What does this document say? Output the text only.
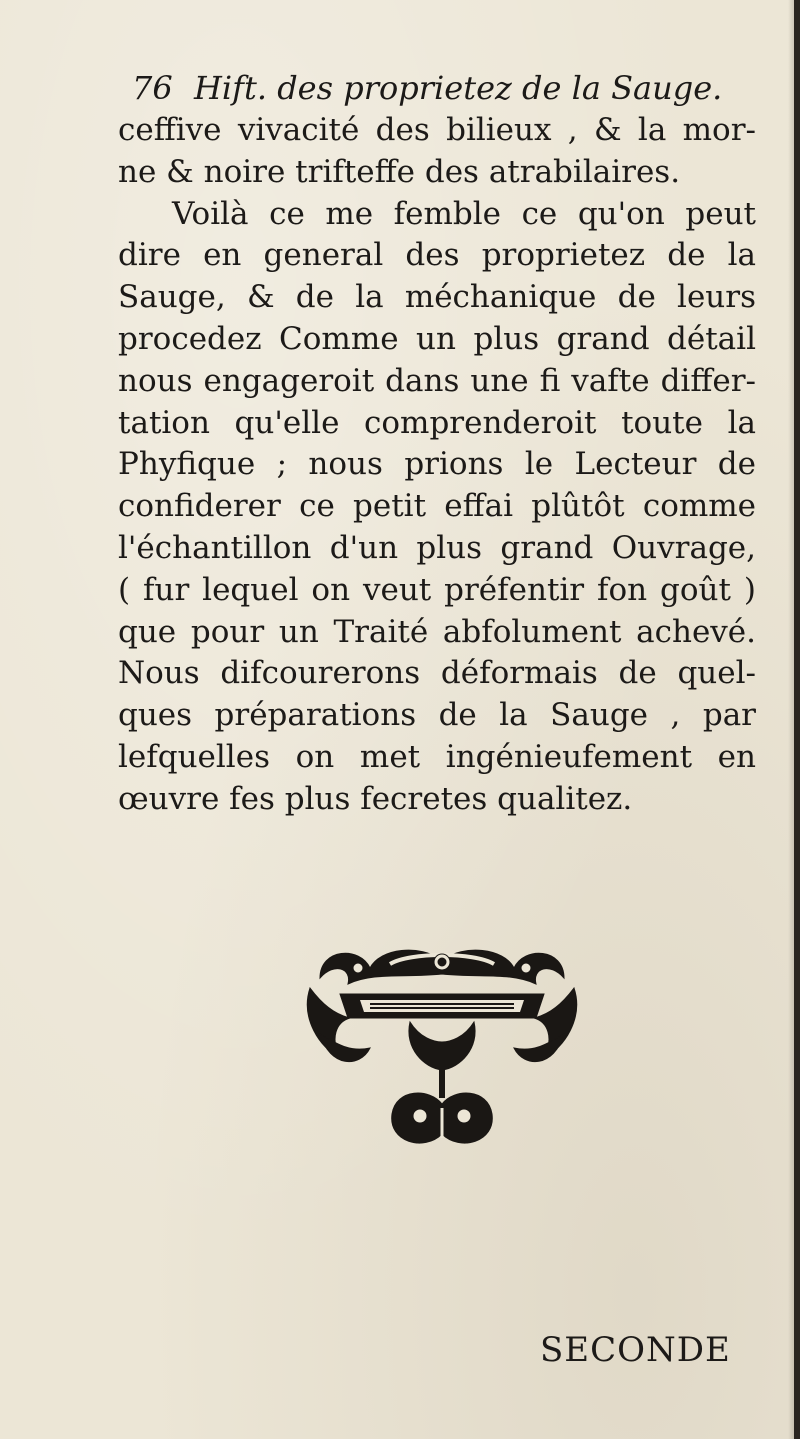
76 Hift. des proprietez de la Sauge.
ceffive vivacité des bilieux , & la mor-
ne & noire trifteffe des atrabilaires.
Voilà ce me femble ce qu'on peut
dire en general des proprietez de la
Sauge, & de la méchanique de leurs
procedez Comme un plus grand détail
nous engageroit dans une fi vafte differ-
tation qu'elle comprenderoit toute la
Phyfique ; nous prions le Lecteur de
confiderer ce petit effai plûtôt comme
l'échantillon d'un plus grand Ouvrage,
( fur lequel on veut préfentir fon goût )
que pour un Traité abfolument achevé.
Nous difcourerons déformais de quel-
ques préparations de la Sauge , par
lefquelles on met ingénieufement en
œuvre fes plus fecretes qualitez.
SECONDE
